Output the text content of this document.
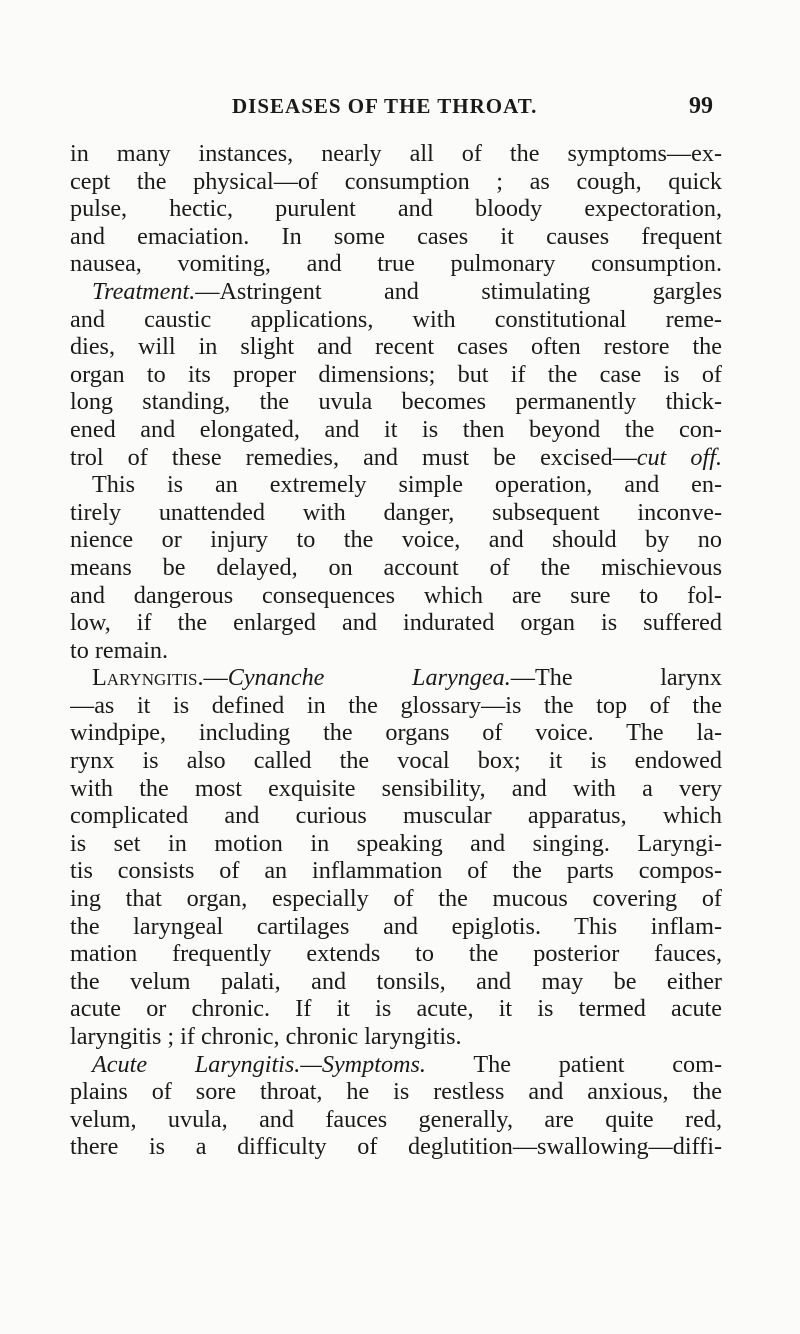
DISEASES OF THE THROAT.	99
in many instances, nearly all of the symptoms—ex-
cept the physical—of consumption ; as cough, quick
pulse, hectic, purulent and bloody expectoration,
and emaciation. In some cases it causes frequent
nausea, vomiting, and true pulmonary consumption.
Treatment.—Astringent and stimulating gargles
and caustic applications, with constitutional reme-
dies, will in slight and recent cases often restore the
organ to its proper dimensions; but if the case is of
long standing, the uvula becomes permanently thick-
ened and elongated, and it is then beyond the con-
trol of these remedies, and must be excised—cut off.
This is an extremely simple operation, and en-
tirely unattended with danger, subsequent inconve-
nience or injury to the voice, and should by no
means be delayed, on account of the mischievous
and dangerous consequences which are sure to fol-
low, if the enlarged and indurated organ is suffered
to remain.
Laryngitis.—Cynanche Laryngea.—The larynx
—as it is defined in the glossary—is the top of the
windpipe, including the organs of voice. The la-
rynx is also called the vocal box; it is endowed
with the most exquisite sensibility, and with a very
complicated and curious muscular apparatus, which
is set in motion in speaking and singing. Laryngi-
tis consists of an inflammation of the parts compos-
ing that organ, especially of the mucous covering of
the laryngeal cartilages and epiglotis. This inflam-
mation frequently extends to the posterior fauces,
the velum palati, and tonsils, and may be either
acute or chronic. If it is acute, it is termed acute
laryngitis ; if chronic, chronic laryngitis.
Acute Laryngitis.—Symptoms. The patient com-
plains of sore throat, he is restless and anxious, the
velum, uvula, and fauces generally, are quite red,
there is a difficulty of deglutition—swallowing—diffi-
